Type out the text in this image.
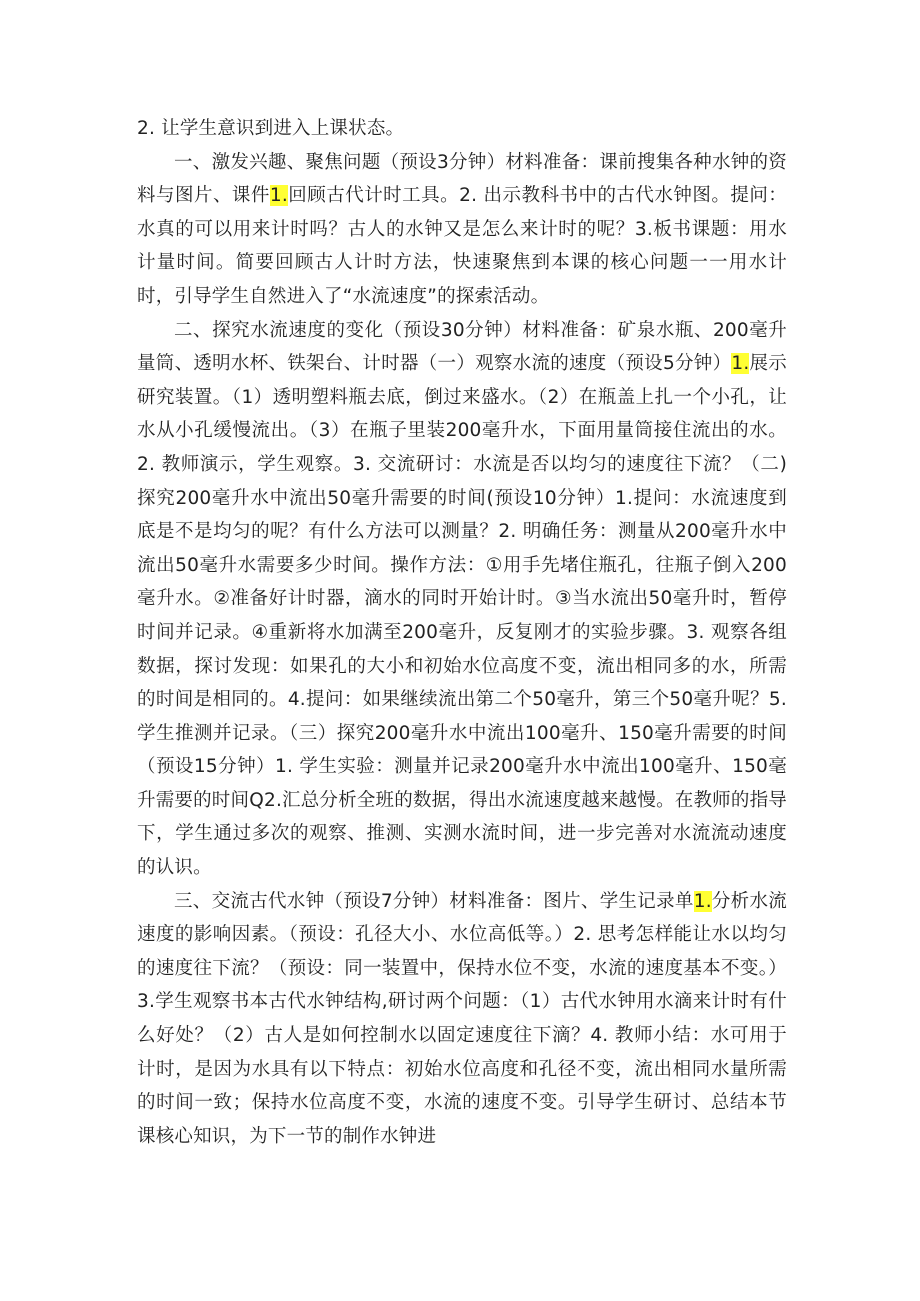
2. 让学生意识到进入上课状态。

一、激发兴趣、聚焦问题（预设3分钟）材料准备：课前搜集各种水钟的资料与图片、课件1.回顾古代计时工具。2. 出示教科书中的古代水钟图。提问：水真的可以用来计时吗？古人的水钟又是怎么来计时的呢？3.板书课题：用水计量时间。简要回顾古人计时方法，快速聚焦到本课的核心问题一一用水计时，引导学生自然进入了“水流速度”的探索活动。

二、探究水流速度的变化（预设30分钟）材料准备：矿泉水瓶、200毫升量筒、透明水杯、铁架台、计时器（一）观察水流的速度（预设5分钟）1.展示研究装置。（1）透明塑料瓶去底，倒过来盛水。（2）在瓶盖上扎一个小孔，让水从小孔缓慢流出。（3）在瓶子里装200毫升水，下面用量筒接住流出的水。2. 教师演示，学生观察。3. 交流研讨：水流是否以均匀的速度往下流？（二)探究200毫升水中流出50毫升需要的时间(预设10分钟）1.提问：水流速度到底是不是均匀的呢？有什么方法可以测量？2. 明确任务：测量从200毫升水中流出50毫升水需要多少时间。操作方法：①用手先堵住瓶孔，往瓶子倒入200毫升水。②准备好计时器，滴水的同时开始计时。③当水流出50毫升时，暂停时间并记录。④重新将水加满至200毫升，反复刚才的实验步骤。3. 观察各组数据，探讨发现：如果孔的大小和初始水位高度不变，流出相同多的水，所需的时间是相同的。4.提问：如果继续流出第二个50毫升，第三个50毫升呢？5. 学生推测并记录。（三）探究200毫升水中流出100毫升、150毫升需要的时间（预设15分钟）1. 学生实验：测量并记录200毫升水中流出100毫升、150毫升需要的时间Q2.汇总分析全班的数据，得出水流速度越来越慢。在教师的指导下，学生通过多次的观察、推测、实测水流时间，进一步完善对水流流动速度的认识。

三、交流古代水钟（预设7分钟）材料准备：图片、学生记录单1.分析水流速度的影响因素。（预设：孔径大小、水位高低等。）2. 思考怎样能让水以均匀的速度往下流？（预设：同一装置中，保持水位不变，水流的速度基本不变。）3.学生观察书本古代水钟结构,研讨两个问题：（1）古代水钟用水滴来计时有什么好处？（2）古人是如何控制水以固定速度往下滴？4. 教师小结：水可用于计时，是因为水具有以下特点：初始水位高度和孔径不变，流出相同水量所需的时间一致；保持水位高度不变，水流的速度不变。引导学生研讨、总结本节课核心知识，为下一节的制作水钟进
